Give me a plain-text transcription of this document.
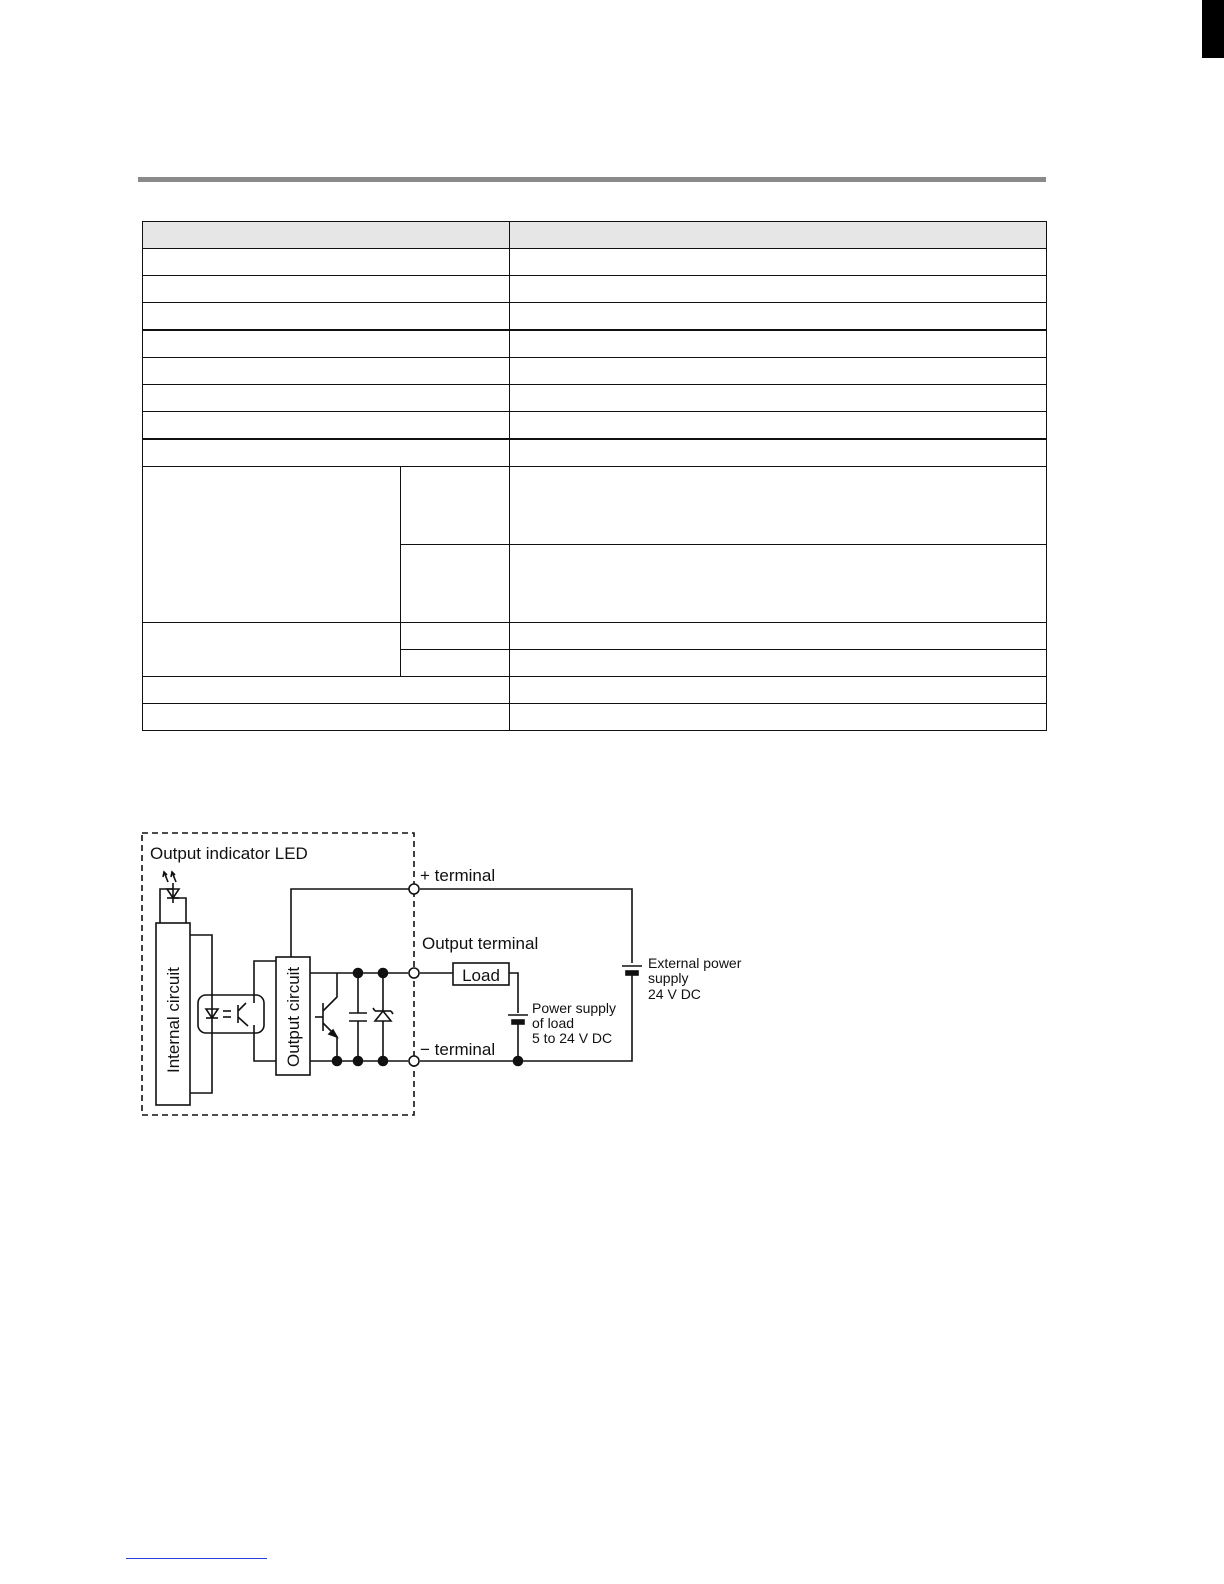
Output indicator LED
Internal circuit	Output circuit
+ terminal
Output terminal
− terminal
Load
Power supply
of load
5 to 24 V DC
External power
supply
24 V DC
